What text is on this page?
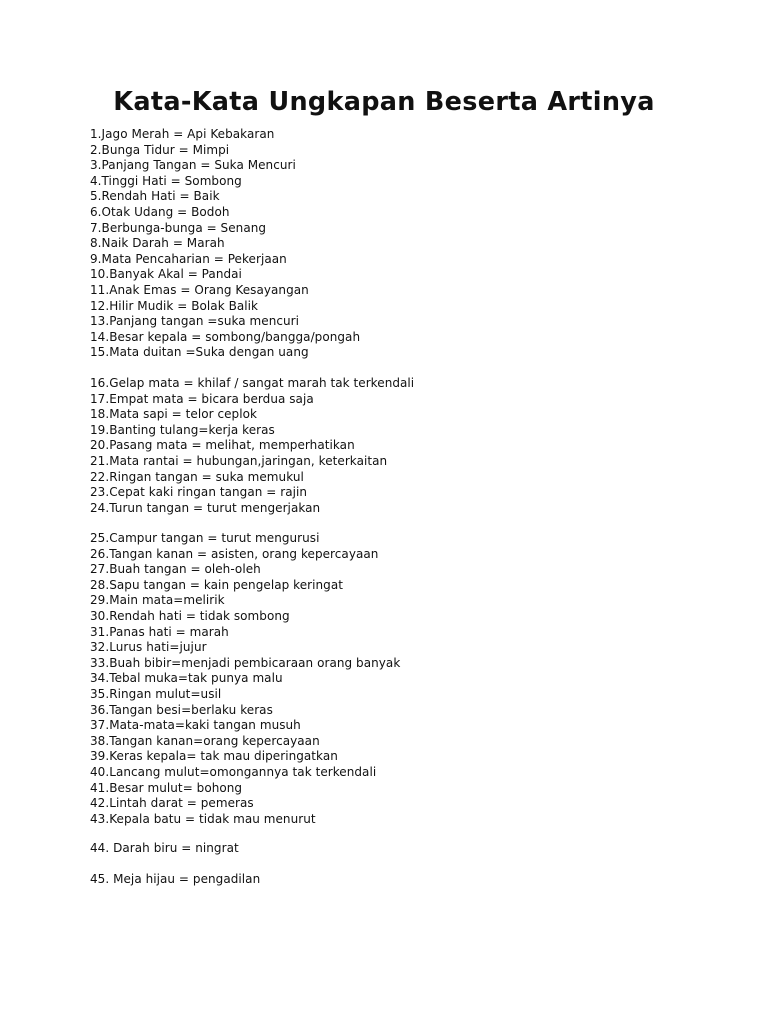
Kata-Kata Ungkapan Beserta Artinya
1.Jago Merah = Api Kebakaran
2.Bunga Tidur = Mimpi
3.Panjang Tangan = Suka Mencuri
4.Tinggi Hati = Sombong
5.Rendah Hati = Baik
6.Otak Udang = Bodoh
7.Berbunga-bunga = Senang
8.Naik Darah = Marah
9.Mata Pencaharian = Pekerjaan
10.Banyak Akal = Pandai
11.Anak Emas = Orang Kesayangan
12.Hilir Mudik = Bolak Balik
13.Panjang tangan =suka mencuri
14.Besar kepala = sombong/bangga/pongah
15.Mata duitan =Suka dengan uang
16.Gelap mata = khilaf / sangat marah tak terkendali
17.Empat mata = bicara berdua saja
18.Mata sapi = telor ceplok
19.Banting tulang=kerja keras
20.Pasang mata = melihat, memperhatikan
21.Mata rantai = hubungan,jaringan, keterkaitan
22.Ringan tangan = suka memukul
23.Cepat kaki ringan tangan = rajin
24.Turun tangan = turut mengerjakan
25.Campur tangan = turut mengurusi
26.Tangan kanan = asisten, orang kepercayaan
27.Buah tangan = oleh-oleh
28.Sapu tangan = kain pengelap keringat
29.Main mata=melirik
30.Rendah hati = tidak sombong
31.Panas hati = marah
32.Lurus hati=jujur
33.Buah bibir=menjadi pembicaraan orang banyak
34.Tebal muka=tak punya malu
35.Ringan mulut=usil
36.Tangan besi=berlaku keras
37.Mata-mata=kaki tangan musuh
38.Tangan kanan=orang kepercayaan
39.Keras kepala= tak mau diperingatkan
40.Lancang mulut=omongannya tak terkendali
41.Besar mulut= bohong
42.Lintah darat = pemeras
43.Kepala batu = tidak mau menurut
44. Darah biru = ningrat
45. Meja hijau = pengadilan
